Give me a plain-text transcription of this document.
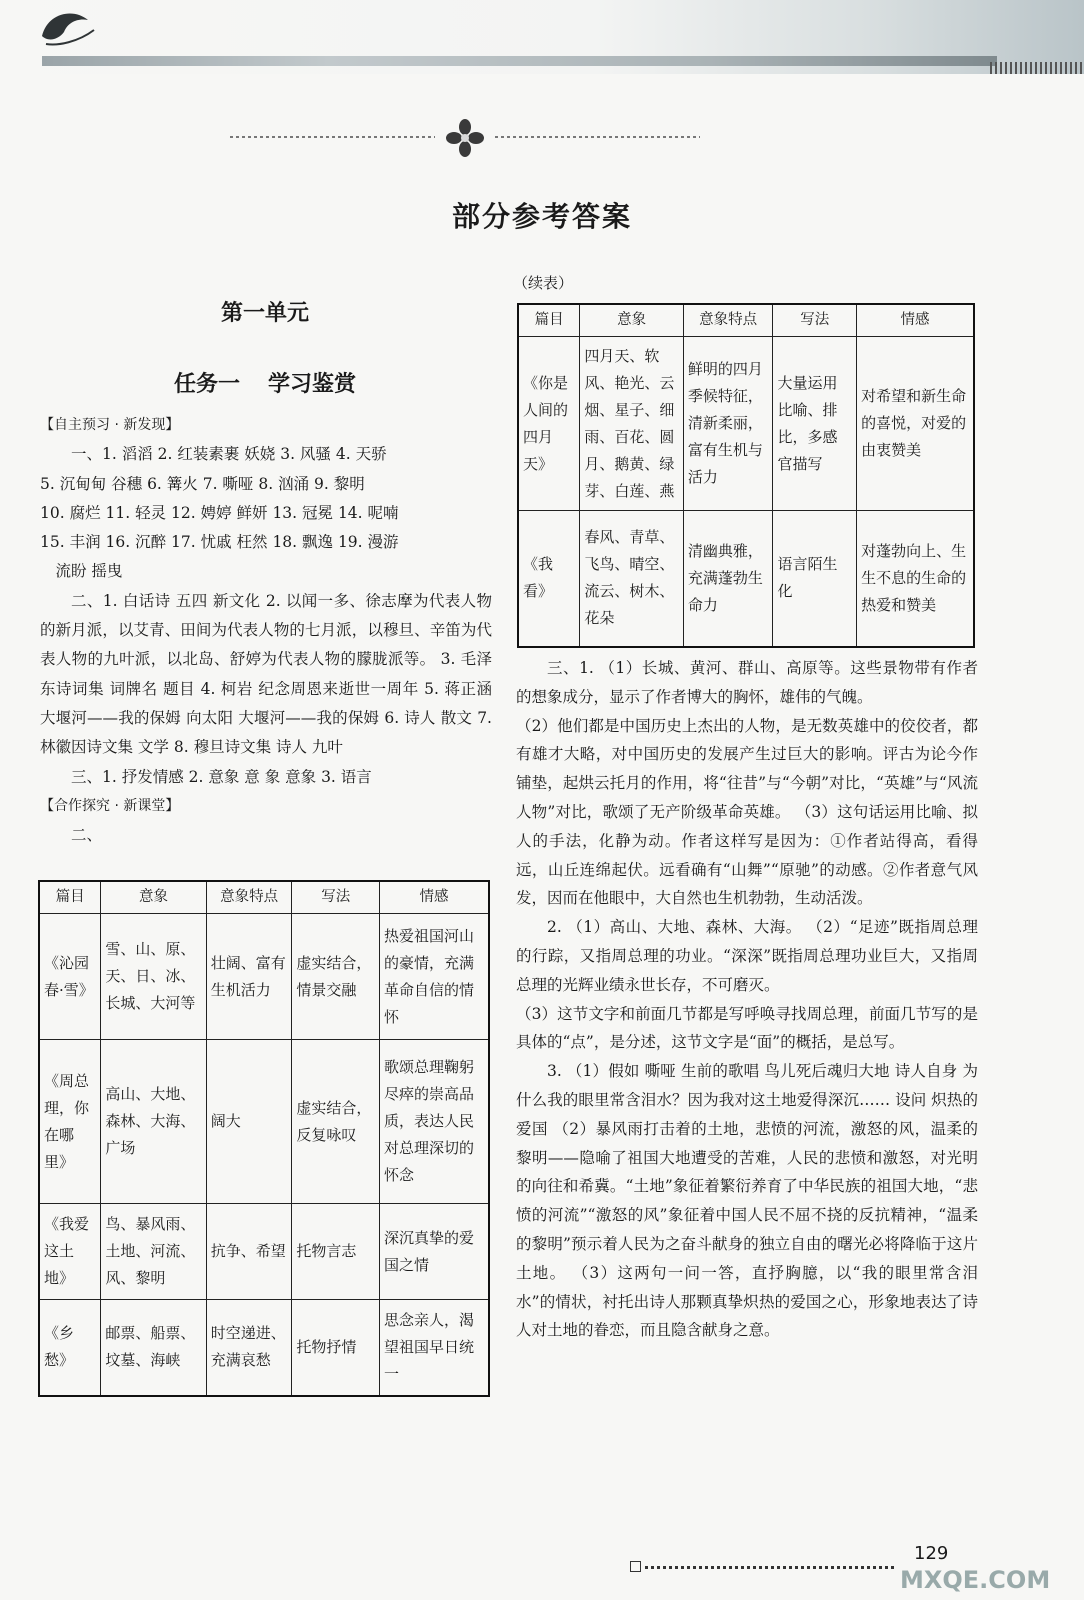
部分参考答案
第一单元
任务一 学习鉴赏

【自主预习 · 新发现】

一、1. 滔滔 2. 红装素裹 妖娆 3. 风骚 4. 天骄

5. 沉甸甸 谷穗 6. 篝火 7. 嘶哑 8. 汹涌 9. 黎明

10. 腐烂 11. 轻灵 12. 娉婷 鲜妍 13. 冠冕 14. 呢喃

15. 丰润 16. 沉醉 17. 忧戚 枉然 18. 飘逸 19. 漫游

流盼 摇曳

二、1. 白话诗 五四 新文化 2. 以闻一多、徐志摩为代表人物的新月派，以艾青、田间为代表人物的七月派，以穆旦、辛笛为代表人物的九叶派，以北岛、舒婷为代表人物的朦胧派等。 3. 毛泽东诗词集 词牌名 题目 4. 柯岩 纪念周恩来逝世一周年 5. 蒋正涵 大堰河——我的保姆 向太阳 大堰河——我的保姆 6. 诗人 散文 7. 林徽因诗文集 文学 8. 穆旦诗文集 诗人 九叶

三、1. 抒发情感 2. 意象 意 象 意象 3. 语言

【合作探究 · 新课堂】

二、

篇目	意象	意象特点	写法	情感
《沁园春·雪》	雪、山、原、天、日、冰、长城、大河等	壮阔、富有生机活力	虚实结合，情景交融	热爱祖国河山的豪情，充满革命自信的情怀
《周总理，你在哪里》	高山、大地、森林、大海、广场	阔大	虚实结合，反复咏叹	歌颂总理鞠躬尽瘁的崇高品质，表达人民对总理深切的怀念
《我爱这土地》	鸟、暴风雨、土地、河流、风、黎明	抗争、希望	托物言志	深沉真挚的爱国之情
《乡愁》	邮票、船票、坟墓、海峡	时空递进、充满哀愁	托物抒情	思念亲人，渴望祖国早日统一
（续表）
篇目	意象	意象特点	写法	情感
《你是人间的四月天》	四月天、软风、艳光、云烟、星子、细雨、百花、圆月、鹅黄、绿芽、白莲、燕	鲜明的四月季候特征，清新柔丽，富有生机与活力	大量运用比喻、排比，多感官描写	对希望和新生命的喜悦，对爱的由衷赞美
《我看》	春风、青草、飞鸟、晴空、流云、树木、花朵	清幽典雅，充满蓬勃生命力	语言陌生化	对蓬勃向上、生生不息的生命的热爱和赞美

三、1. （1）长城、黄河、群山、高原等。这些景物带有作者的想象成分，显示了作者博大的胸怀，雄伟的气魄。

（2）他们都是中国历史上杰出的人物，是无数英雄中的佼佼者，都有雄才大略，对中国历史的发展产生过巨大的影响。评古为论今作铺垫，起烘云托月的作用，将“往昔”与“今朝”对比，“英雄”与“风流人物”对比，歌颂了无产阶级革命英雄。 （3）这句话运用比喻、拟人的手法，化静为动。作者这样写是因为：①作者站得高，看得远，山丘连绵起伏。远看确有“山舞”“原驰”的动感。②作者意气风发，因而在他眼中，大自然也生机勃勃，生动活泼。

2. （1）高山、大地、森林、大海。 （2）“足迹”既指周总理的行踪，又指周总理的功业。“深深”既指周总理功业巨大，又指周总理的光辉业绩永世长存，不可磨灭。

（3）这节文字和前面几节都是写呼唤寻找周总理，前面几节写的是具体的“点”，是分述，这节文字是“面”的概括，是总写。

3. （1）假如 嘶哑 生前的歌唱 鸟儿死后魂归大地 诗人自身 为什么我的眼里常含泪水？因为我对这土地爱得深沉…… 设问 炽热的爱国 （2）暴风雨打击着的土地，悲愤的河流，激怒的风，温柔的黎明——隐喻了祖国大地遭受的苦难，人民的悲愤和激怒，对光明的向往和希冀。“土地”象征着繁衍养育了中华民族的祖国大地，“悲愤的河流”“激怒的风”象征着中国人民不屈不挠的反抗精神，“温柔的黎明”预示着人民为之奋斗献身的独立自由的曙光必将降临于这片土地。 （3）这两句一问一答，直抒胸臆，以“我的眼里常含泪水”的情状，衬托出诗人那颗真挚炽热的爱国之心，形象地表达了诗人对土地的眷恋，而且隐含献身之意。

129
MXQE.COM
